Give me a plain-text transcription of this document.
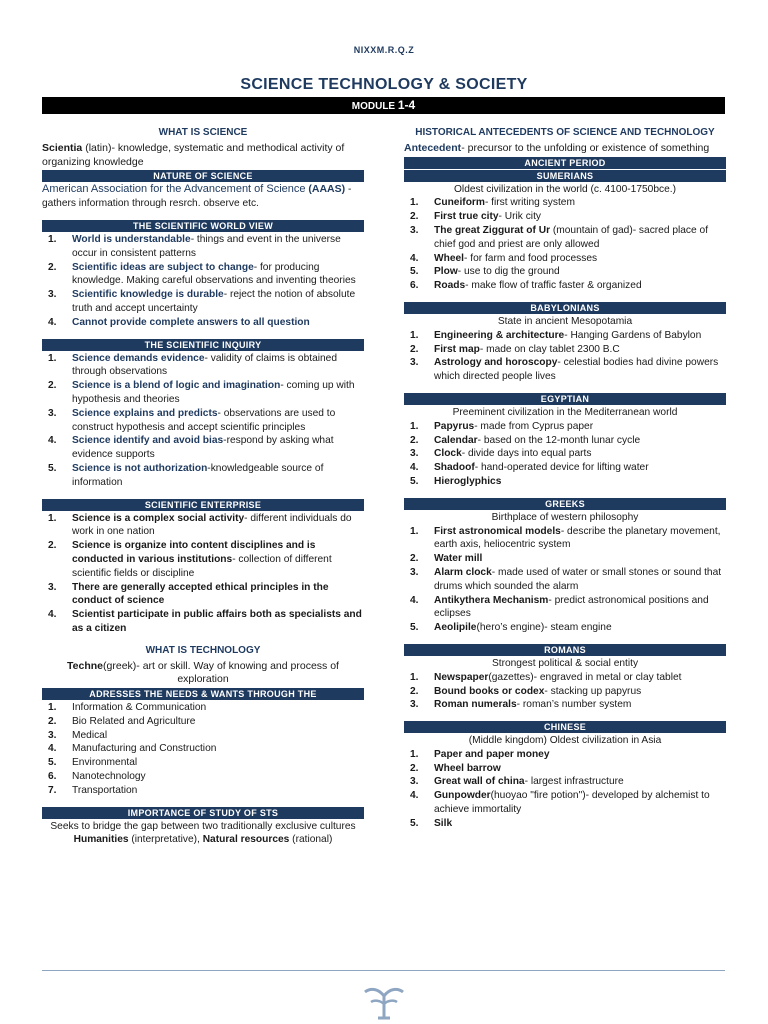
NIXXM.R.Q.Z
SCIENCE TECHNOLOGY & SOCIETY
MODULE 1-4
WHAT IS SCIENCE
Scientia (latin)- knowledge, systematic and methodical activity of organizing knowledge
NATURE OF SCIENCE
American Association for the Advancement of Science (AAAS) - gathers information through resrch. observe etc.
THE SCIENTIFIC WORLD VIEW
1. World is understandable- things and event in the universe occur in consistent patterns
2. Scientific ideas are subject to change- for producing knowledge. Making careful observations and inventing theories
3. Scientific knowledge is durable- reject the notion of absolute truth and accept uncertainty
4. Cannot provide complete answers to all question
THE SCIENTIFIC INQUIRY
1. Science demands evidence- validity of claims is obtained through observations
2. Science is a blend of logic and imagination- coming up with hypothesis and theories
3. Science explains and predicts- observations are used to construct hypothesis and accept scientific principles
4. Science identify and avoid bias-respond by asking what evidence supports
5. Science is not authorization-knowledgeable source of information
SCIENTIFIC ENTERPRISE
1. Science is a complex social activity- different individuals do work in one nation
2. Science is organize into content disciplines and is conducted in various institutions- collection of different scientific fields or discipline
3. There are generally accepted ethical principles in the conduct of science
4. Scientist participate in public affairs both as specialists and as a citizen
WHAT IS TECHNOLOGY
Techne(greek)- art or skill. Way of knowing and process of exploration
ADRESSES THE NEEDS & WANTS THROUGH THE
1. Information & Communication
2. Bio Related and Agriculture
3. Medical
4. Manufacturing and Construction
5. Environmental
6. Nanotechnology
7. Transportation
IMPORTANCE OF STUDY OF STS
Seeks to bridge the gap between two traditionally exclusive cultures
Humanities (interpretative), Natural resources (rational)
HISTORICAL ANTECEDENTS OF SCIENCE AND TECHNOLOGY
Antecedent- precursor to the unfolding or existence of something
ANCIENT PERIOD
SUMERIANS
Oldest civilization in the world (c. 4100-1750bce.)
1. Cuneiform- first writing system
2. First true city- Urik city
3. The great Ziggurat of Ur (mountain of gad)- sacred place of chief god and priest are only allowed
4. Wheel- for farm and food processes
5. Plow- use to dig the ground
6. Roads- make flow of traffic faster & organized
BABYLONIANS
State in ancient Mesopotamia
1. Engineering & architecture- Hanging Gardens of Babylon
2. First map- made on clay tablet 2300 B.C
3. Astrology and horoscopy- celestial bodies had divine powers which directed people lives
EGYPTIAN
Preeminent civilization in the Mediterranean world
1. Papyrus- made from Cyprus paper
2. Calendar- based on the 12-month lunar cycle
3. Clock- divide days into equal parts
4. Shadoof- hand-operated device for lifting water
5. Hieroglyphics
GREEKS
Birthplace of western philosophy
1. First astronomical models- describe the planetary movement, earth axis, heliocentric system
2. Water mill
3. Alarm clock- made used of water or small stones or sound that drums which sounded the alarm
4. Antikythera Mechanism- predict astronomical positions and eclipses
5. Aeolipile(hero’s engine)- steam engine
ROMANS
Strongest political & social entity
1. Newspaper(gazettes)- engraved in metal or clay tablet
2. Bound books or codex- stacking up papyrus
3. Roman numerals- roman’s number system
CHINESE
(Middle kingdom) Oldest civilization in Asia
1. Paper and paper money
2. Wheel barrow
3. Great wall of china- largest infrastructure
4. Gunpowder(huoyao "fire potion")- developed by alchemist to achieve immortality
5. Silk
